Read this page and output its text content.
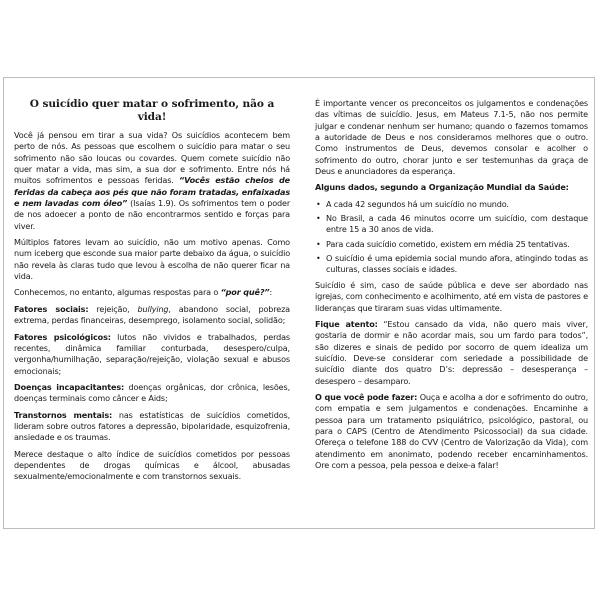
O suicídio quer matar o sofrimento, não a vida!

Você já pensou em tirar a sua vida? Os suicídios acontecem bem perto de nós. As pessoas que escolhem o suicídio para matar o seu sofrimento não são loucas ou covardes. Quem comete suicídio não quer matar a vida, mas sim, a sua dor e sofrimento. Entre nós há muitos sofrimentos e pessoas feridas. “Vocês estão cheios de feridas da cabeça aos pés que não foram tratadas, enfaixadas e nem lavadas com óleo” (Isaías 1.9). Os sofrimentos tem o poder de nos adoecer a ponto de não encontrarmos sentido e forças para viver.

Múltiplos fatores levam ao suicídio, não um motivo apenas. Como num iceberg que esconde sua maior parte debaixo da água, o suicídio não revela às claras tudo que levou à escolha de não querer ficar na vida.

Conhecemos, no entanto, algumas respostas para o “por quê?”:

Fatores sociais: rejeição, bullying, abandono social, pobreza extrema, perdas financeiras, desemprego, isolamento social, solidão;

Fatores psicológicos: lutos não vividos e trabalhados, perdas recentes, dinâmica familiar conturbada, desespero/culpa, vergonha/humilhação, separação/rejeição, violação sexual e abusos emocionais;

Doenças incapacitantes: doenças orgânicas, dor crônica, lesões, doenças terminais como câncer e Aids;

Transtornos mentais: nas estatísticas de suicídios cometidos, lideram sobre outros fatores a depressão, bipolaridade, esquizofrenia, ansiedade e os traumas.

Merece destaque o alto índice de suicídios cometidos por pessoas dependentes de drogas químicas e álcool, abusadas sexualmente/emocionalmente e com transtornos sexuais.

É importante vencer os preconceitos os julgamentos e condenações das vítimas de suicídio. Jesus, em Mateus 7.1-5, não nos permite julgar e condenar nenhum ser humano; quando o fazemos tomamos a autoridade de Deus e nos consideramos melhores que o outro. Como instrumentos de Deus, devemos consolar e acolher o sofrimento do outro, chorar junto e ser testemunhas da graça de Deus e anunciadores da esperança.

Alguns dados, segundo a Organização Mundial da Saúde:

• A cada 42 segundos há um suicídio no mundo.
• No Brasil, a cada 46 minutos ocorre um suicídio, com destaque entre 15 a 30 anos de vida.
• Para cada suicídio cometido, existem em média 25 tentativas.
• O suicídio é uma epidemia social mundo afora, atingindo todas as culturas, classes sociais e idades.

Suicídio é sim, caso de saúde pública e deve ser abordado nas igrejas, com conhecimento e acolhimento, até em vista de pastores e lideranças que tiraram suas vidas ultimamente.

Fique atento: “Estou cansado da vida, não quero mais viver, gostaria de dormir e não acordar mais, sou um fardo para todos”, são dizeres e sinais de pedido por socorro de quem idealiza um suicídio. Deve-se considerar com seriedade a possibilidade de suicídio diante dos quatro D’s: depressão – desesperança – desespero – desamparo.

O que você pode fazer: Ouça e acolha a dor e sofrimento do outro, com empatia e sem julgamentos e condenações. Encaminhe a pessoa para um tratamento psiquiátrico, psicológico, pastoral, ou para o CAPS (Centro de Atendimento Psicossocial) da sua cidade. Ofereça o telefone 188 do CVV (Centro de Valorização da Vida), com atendimento em anonimato, podendo receber encaminhamentos. Ore com a pessoa, pela pessoa e deixe-a falar!
